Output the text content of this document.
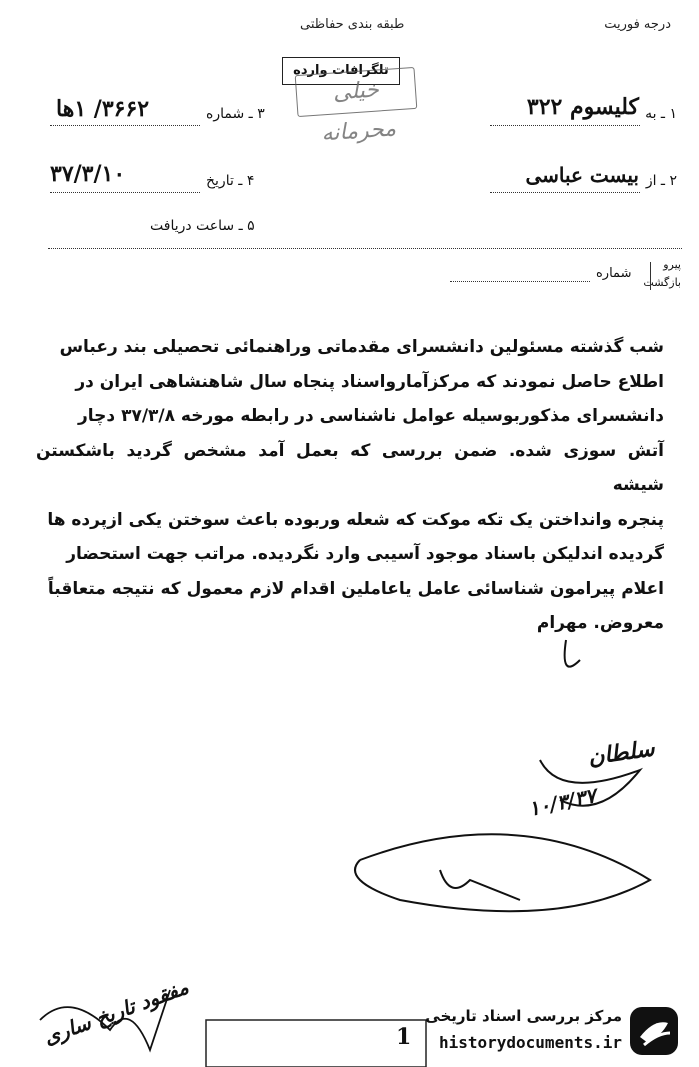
درجه فوریت
طبقه بندی حفاظتی
تلگرافات وارده
خیلی محرمانه
۱ ـ به
کلیسوم ۳۲۲
۳ ـ شماره
۳۶۶۲/ ۱ها
۲ ـ از
بیست عباسی
۴ ـ تاریخ
۳۷/۳/۱۰
۵ ـ ساعت دریافت
پیرو
بازگشت
شماره

شب گذشته مسئولین دانشسرای مقدماتی وراهنمائی تحصیلی بند رعباس

اطلاع حاصل نمودند که مرکزآمارواسناد پنجاه سال شاهنشاهی ایران در

دانشسرای مذکوربوسیله عوامل ناشناسی در رابطه مورخه ۳۷/۳/۸ دچار

آتش سوزی شده. ضمن بررسی که بعمل آمد مشخص گردید باشکستن شیشه

پنجره وانداختن یک تکه موکت که شعله وربوده باعث سوختن یکی ازپرده ها

گردیده اندلیکن باسناد موجود آسیبی وارد نگردیده. مراتب جهت استحضار

اعلام پیرامون شناسائی عامل یاعاملین اقدام لازم معمول که نتیجه متعاقباً

معروض. مهرام

سلطان
۱۰/۳/۳۷
مفقود تاریخ ساری	1
مرکز بررسی اسناد تاریخی
historydocuments.ir
